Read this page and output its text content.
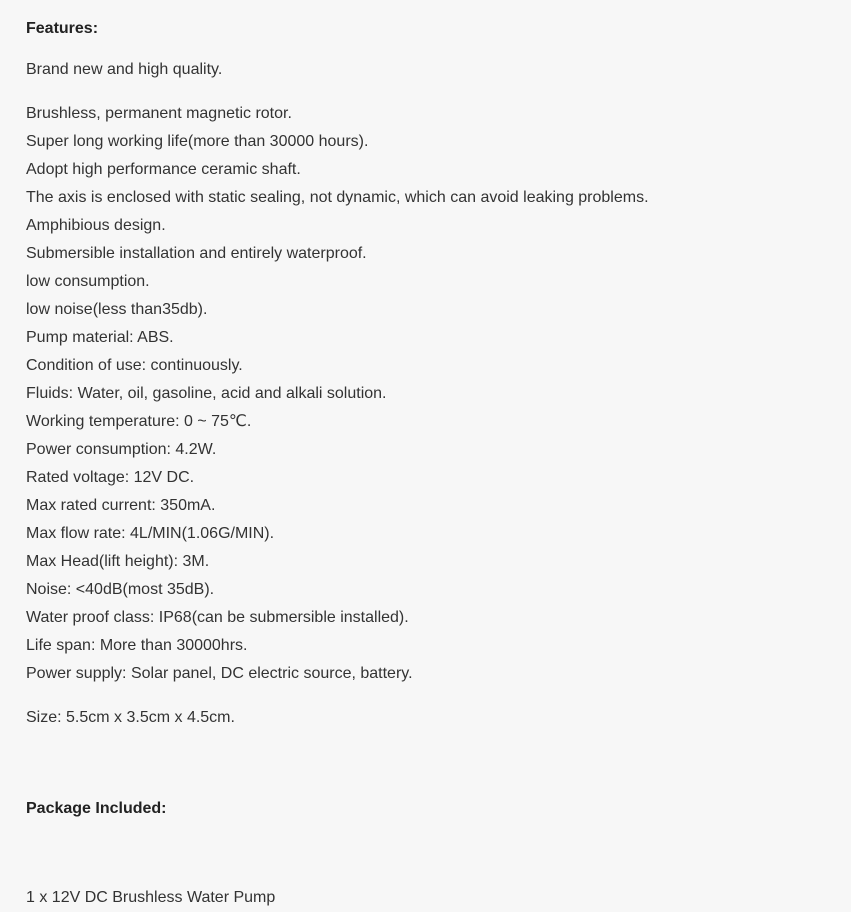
Features:

Brand new and high quality.

Brushless, permanent magnetic rotor.
Super long working life(more than 30000 hours).
Adopt high performance ceramic shaft.
The axis is enclosed with static sealing, not dynamic, which can avoid leaking problems.
Amphibious design.
Submersible installation and entirely waterproof.
low consumption.
low noise(less than35db).
Pump material: ABS.
Condition of use: continuously.
Fluids: Water, oil, gasoline, acid and alkali solution.
Working temperature: 0 ~ 75℃.
Power consumption: 4.2W.
Rated voltage: 12V DC.
Max rated current: 350mA.
Max flow rate: 4L/MIN(1.06G/MIN).
Max Head(lift height): 3M.
Noise: <40dB(most 35dB).
Water proof class: IP68(can be submersible installed).
Life span: More than 30000hrs.
Power supply: Solar panel, DC electric source, battery.

Size: 5.5cm x 3.5cm x 4.5cm.

Package Included:
1 x 12V DC Brushless Water Pump
